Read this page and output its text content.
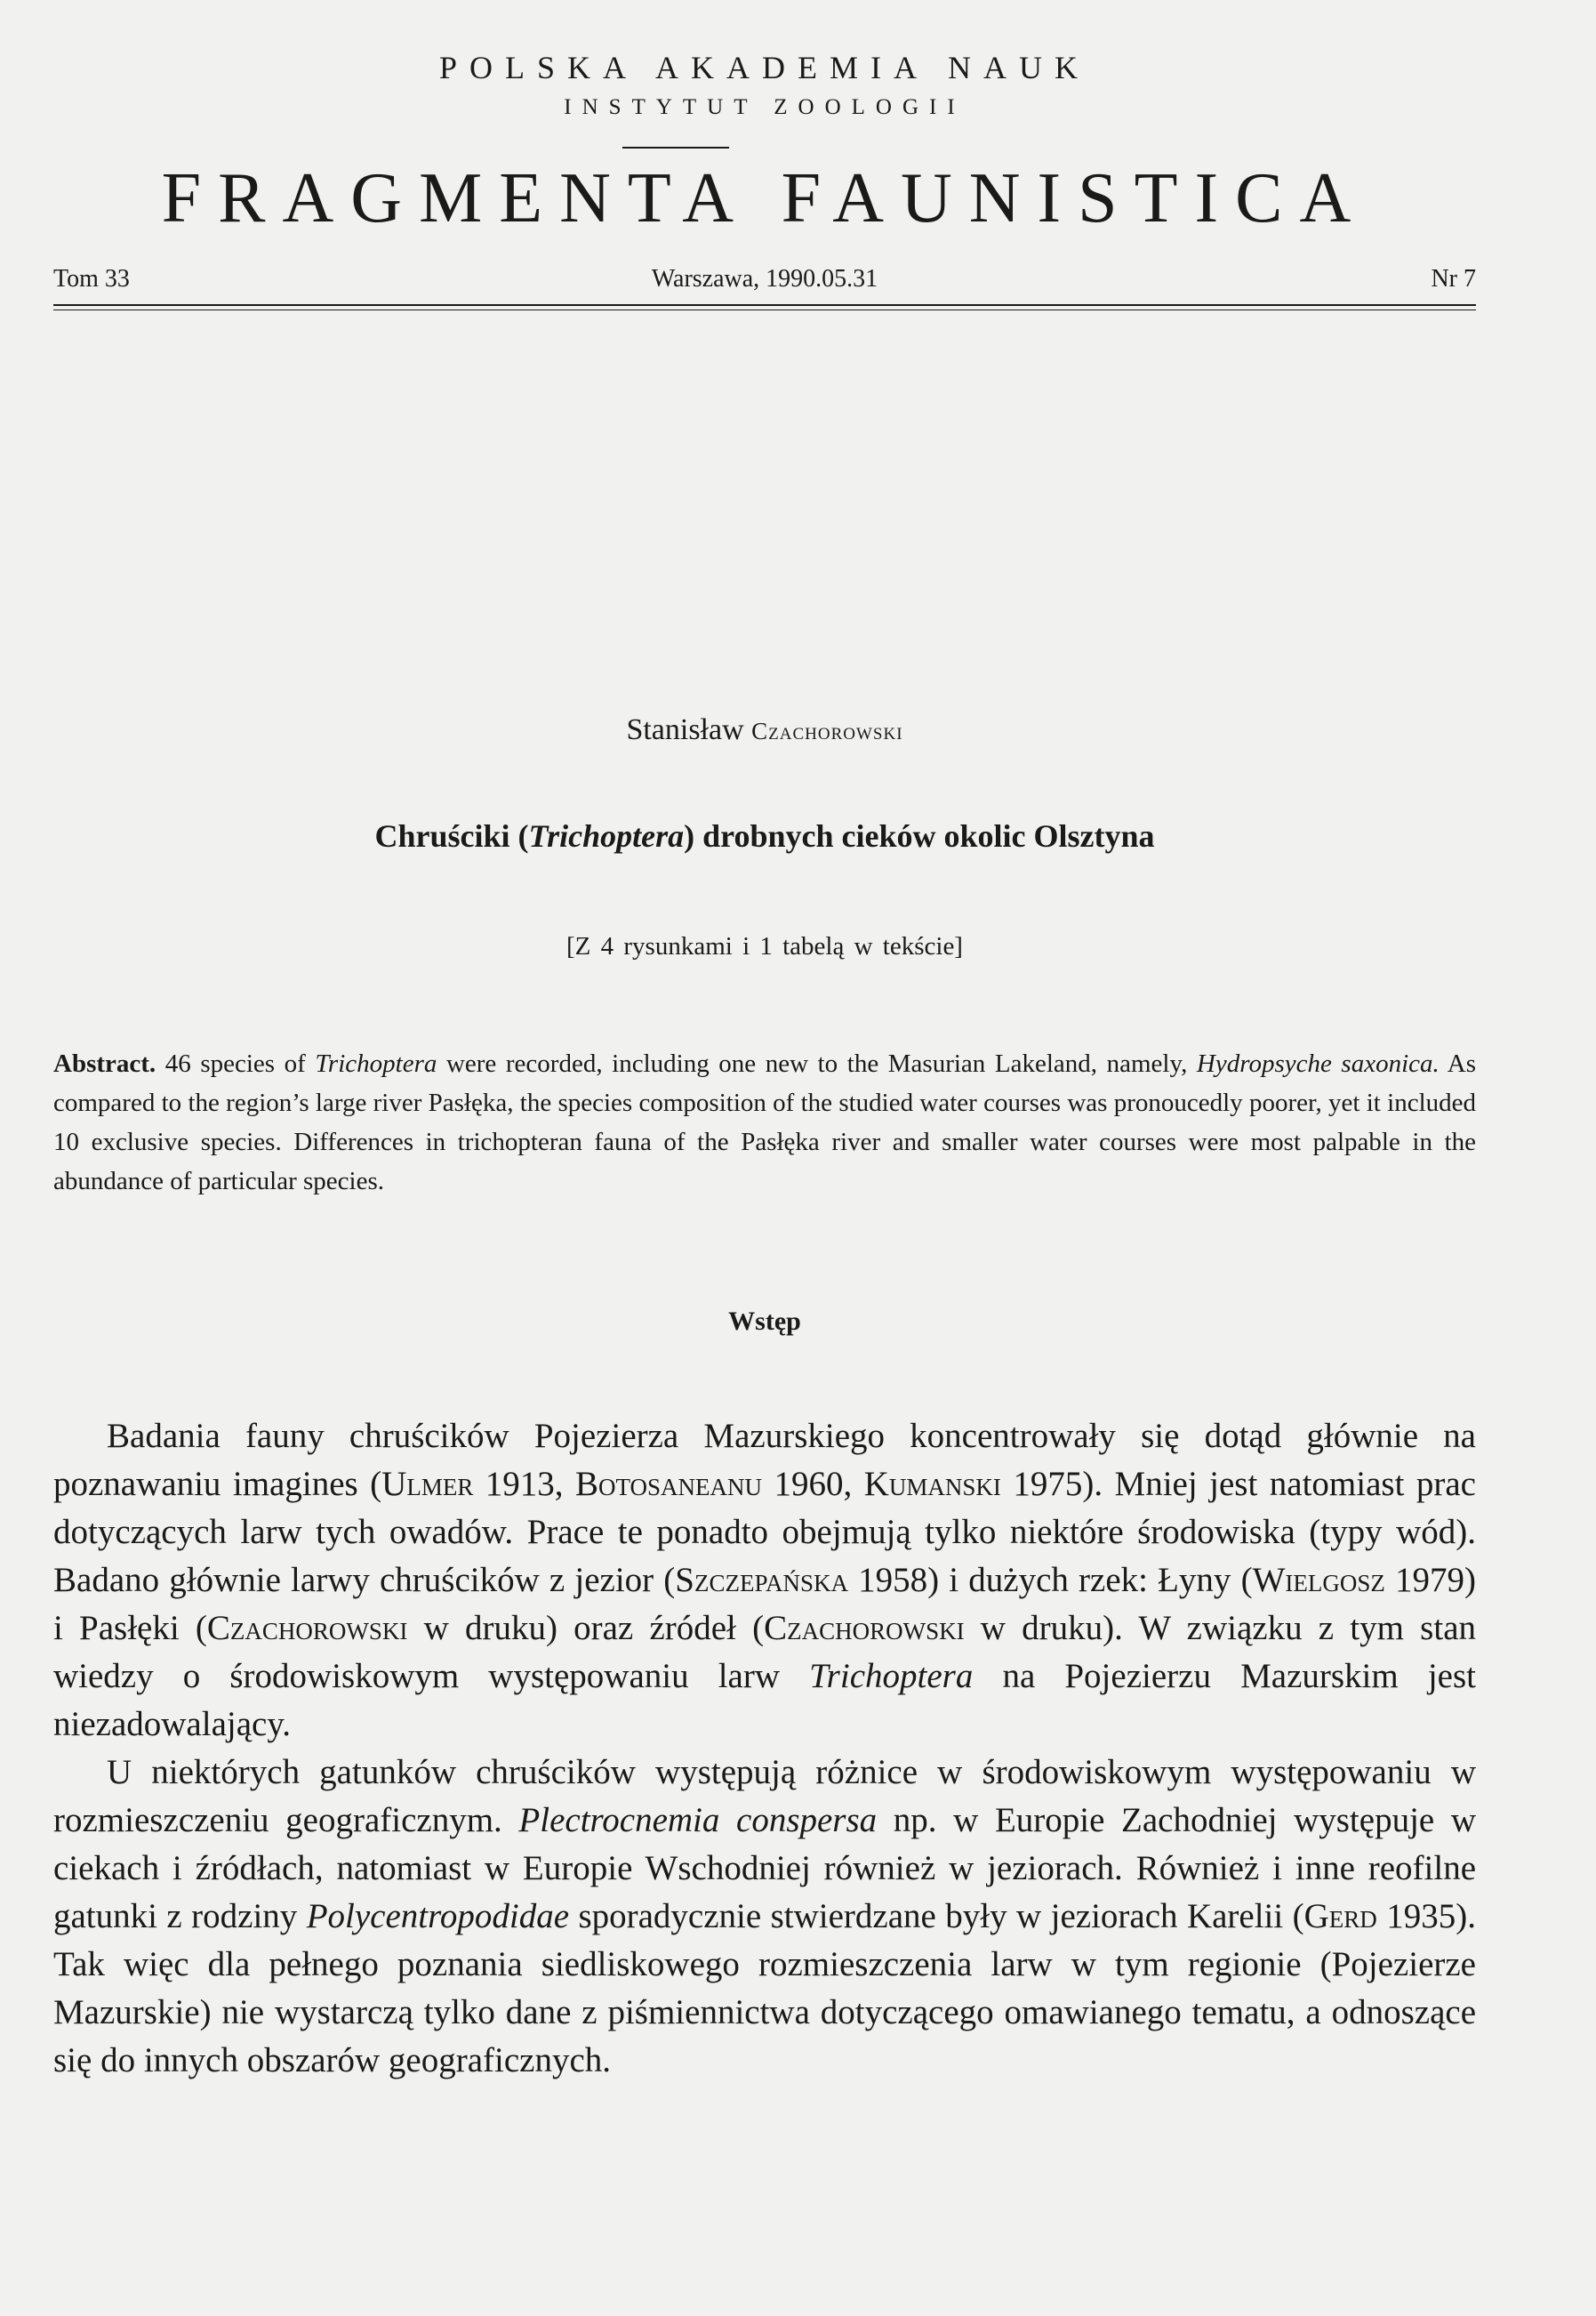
POLSKA AKADEMIA NAUK
INSTYTUT ZOOLOGII
FRAGMENTA FAUNISTICA
Warszawa, 1990.05.31
Tom 33	Nr 7
Stanisław Czachorowski
Chruściki (Trichoptera) drobnych cieków okolic Olsztyna
[Z 4 rysunkami i 1 tabelą w tekście]
Abstract. 46 species of Trichoptera were recorded, including one new to the Masurian Lakeland, namely, Hydropsyche saxonica. As compared to the region’s large river Pasłęka, the species composition of the studied water courses was pronoucedly poorer, yet it included 10 exclusive species. Differences in trichopteran fauna of the Pasłęka river and smaller water courses were most palpable in the abundance of particular species.
Wstęp

Badania fauny chruścików Pojezierza Mazurskiego koncentrowały się dotąd głównie na poznawaniu imagines (Ulmer 1913, Botosaneanu 1960, Kumanski 1975). Mniej jest natomiast prac dotyczących larw tych owadów. Prace te ponadto obejmują tylko niektóre środowiska (typy wód). Badano głównie larwy chruścików z jezior (Szczepańska 1958) i dużych rzek: Łyny (Wielgosz 1979) i Pasłęki (Czachorowski w druku) oraz źródeł (Czachorowski w druku). W związku z tym stan wiedzy o środowiskowym występowaniu larw Trichoptera na Pojezierzu Mazurskim jest niezadowalający.

U niektórych gatunków chruścików występują różnice w środowiskowym występowaniu w rozmieszczeniu geograficznym. Plectrocnemia conspersa np. w Europie Zachodniej występuje w ciekach i źródłach, natomiast w Europie Wschodniej również w jeziorach. Również i inne reofilne gatunki z rodziny Polycentropodidae sporadycznie stwierdzane były w jeziorach Karelii (Gerd 1935). Tak więc dla pełnego poznania siedliskowego rozmieszczenia larw w tym regionie (Pojezierze Mazurskie) nie wystarczą tylko dane z piśmiennictwa dotyczącego omawianego tematu, a odnoszące się do innych obszarów geograficznych.
